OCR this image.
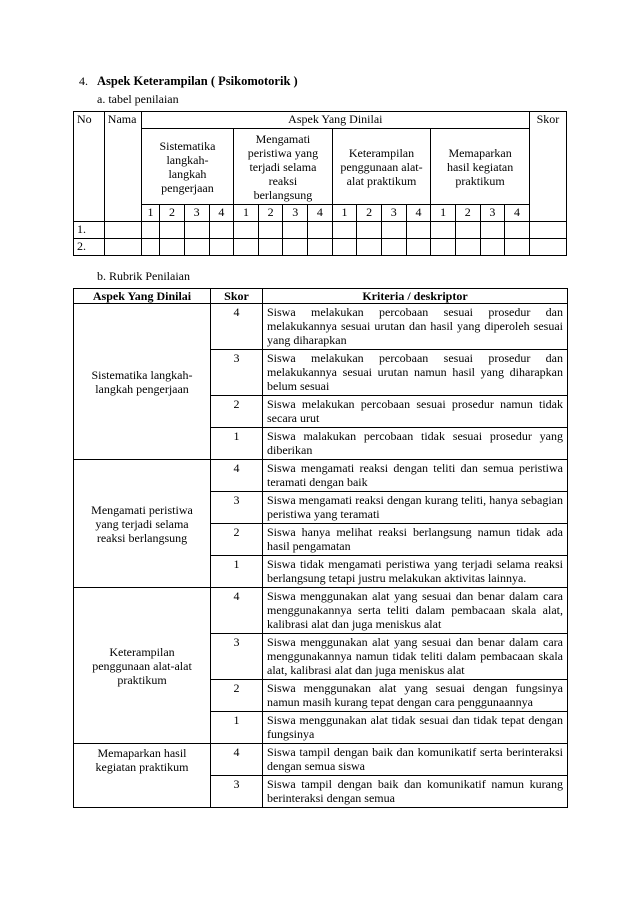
4. Aspek Keterampilan ( Psikomotorik )
a. tabel penilaian
No	Nama	Aspek Yang Dinilai																Skor
		Sistematika langkah-langkah pengerjaan				Mengamati peristiwa yang terjadi selama reaksi berlangsung				Keterampilan penggunaan alat-alat praktikum				Memaparkan hasil kegiatan praktikum				
		1	2	3	4	1	2	3	4	1	2	3	4	1	2	3	4	
1.																		
2.																		
b. Rubrik Penilaian
Aspek Yang Dinilai	Skor	Kriteria / deskriptor
Sistematika langkah-langkah pengerjaan	4	Siswa melakukan percobaan sesuai prosedur dan melakukannya sesuai urutan dan hasil yang diperoleh sesuai yang diharapkan
	3	Siswa melakukan percobaan sesuai prosedur dan melakukannya sesuai urutan namun hasil yang diharapkan belum sesuai
	2	Siswa melakukan percobaan sesuai prosedur namun tidak secara urut
	1	Siswa malakukan percobaan tidak sesuai prosedur yang diberikan
Mengamati peristiwa yang terjadi selama reaksi berlangsung	4	Siswa mengamati reaksi dengan teliti dan semua peristiwa teramati dengan baik
	3	Siswa mengamati reaksi dengan kurang teliti, hanya sebagian peristiwa yang teramati
	2	Siswa hanya melihat reaksi berlangsung namun tidak ada hasil pengamatan
	1	Siswa tidak mengamati peristiwa yang terjadi selama reaksi berlangsung tetapi justru melakukan aktivitas lainnya.
Keterampilan penggunaan alat-alat praktikum	4	Siswa menggunakan alat yang sesuai dan benar dalam cara menggunakannya serta teliti dalam pembacaan skala alat, kalibrasi alat dan juga meniskus alat
	3	Siswa menggunakan alat yang sesuai dan benar dalam cara menggunakannya namun tidak teliti dalam pembacaan skala alat, kalibrasi alat dan juga meniskus alat
	2	Siswa menggunakan alat yang sesuai dengan fungsinya namun masih kurang tepat dengan cara penggunaannya
	1	Siswa menggunakan alat tidak sesuai dan tidak tepat dengan fungsinya
Memaparkan hasil kegiatan praktikum	4	Siswa tampil dengan baik dan komunikatif serta berinteraksi dengan semua siswa
	3	Siswa tampil dengan baik dan komunikatif namun kurang berinteraksi dengan semua
